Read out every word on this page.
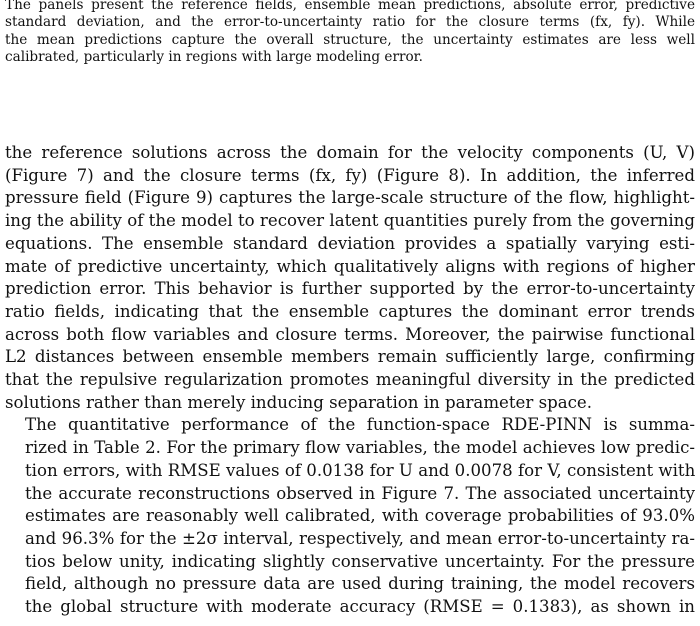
The panels present the reference fields, ensemble mean predictions, absolute error, predictive
standard deviation, and the error-to-uncertainty ratio for the closure terms (fx, fy). While
the mean predictions capture the overall structure, the uncertainty estimates are less well
calibrated, particularly in regions with large modeling error.

the reference solutions across the domain for the velocity components (U, V)
(Figure 7) and the closure terms (fx, fy) (Figure 8). In addition, the inferred
pressure field (Figure 9) captures the large-scale structure of the flow, highlight-
ing the ability of the model to recover latent quantities purely from the governing
equations. The ensemble standard deviation provides a spatially varying esti-
mate of predictive uncertainty, which qualitatively aligns with regions of higher
prediction error. This behavior is further supported by the error-to-uncertainty
ratio fields, indicating that the ensemble captures the dominant error trends
across both flow variables and closure terms. Moreover, the pairwise functional
L2 distances between ensemble members remain sufficiently large, confirming
that the repulsive regularization promotes meaningful diversity in the predicted
solutions rather than merely inducing separation in parameter space.

The quantitative performance of the function-space RDE-PINN is summa-
rized in Table 2. For the primary flow variables, the model achieves low predic-
tion errors, with RMSE values of 0.0138 for U and 0.0078 for V, consistent with
the accurate reconstructions observed in Figure 7. The associated uncertainty
estimates are reasonably well calibrated, with coverage probabilities of 93.0%
and 96.3% for the ±2σ interval, respectively, and mean error-to-uncertainty ra-
tios below unity, indicating slightly conservative uncertainty. For the pressure
field, although no pressure data are used during training, the model recovers
the global structure with moderate accuracy (RMSE = 0.1383), as shown in
